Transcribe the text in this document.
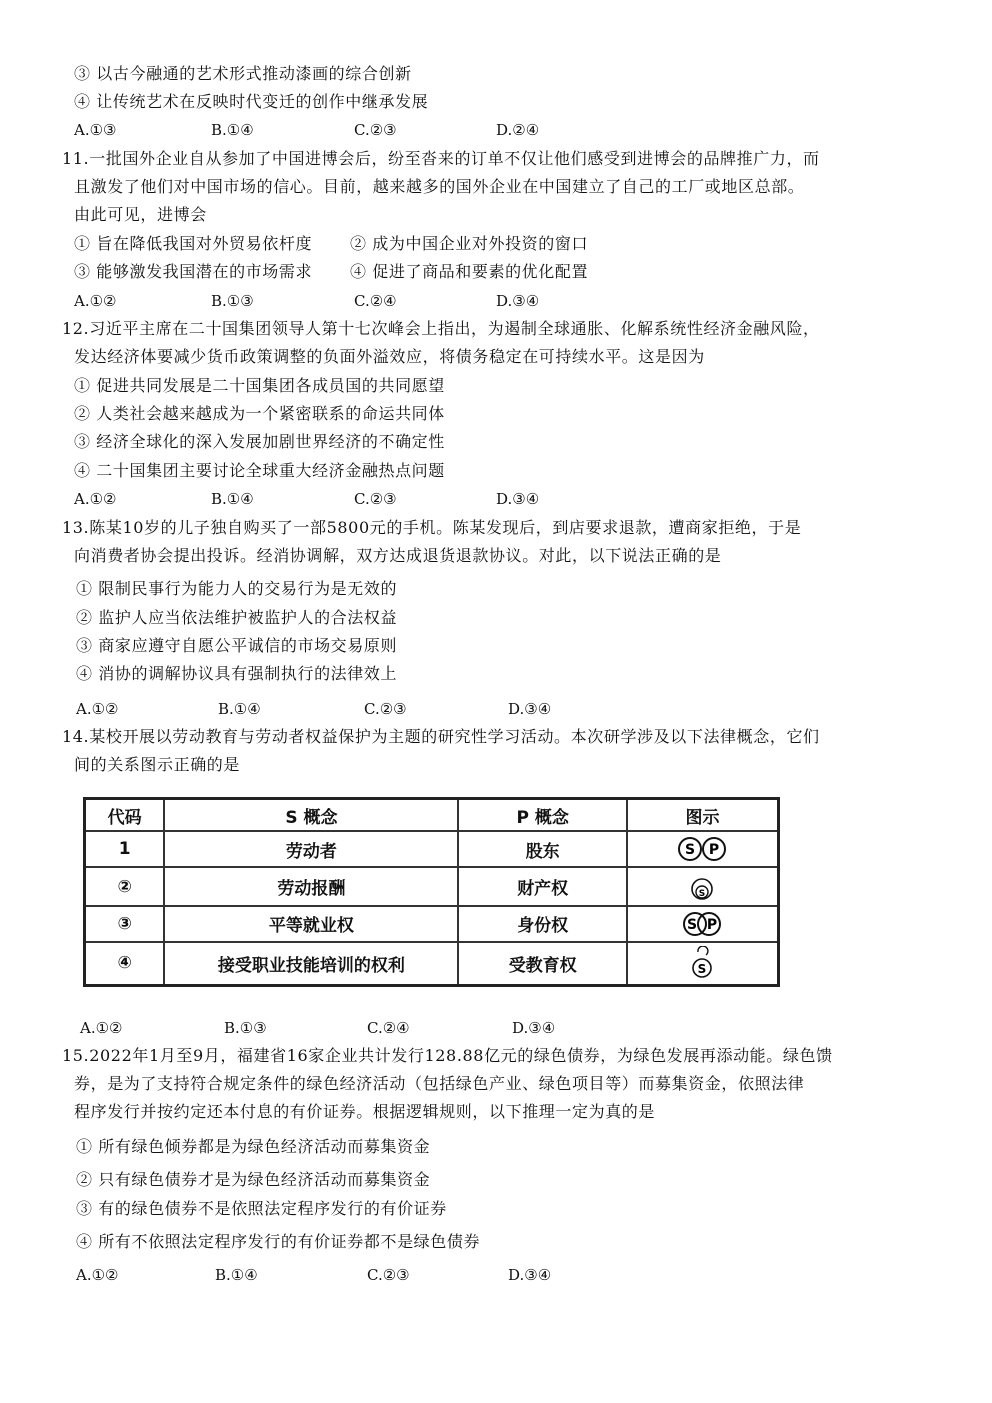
③ 以古今融通的艺术形式推动漆画的综合创新
④ 让传统艺术在反映时代变迁的创作中继承发展
A.①③	B.①④	C.②③	D.②④
11.一批国外企业自从参加了中国进博会后，纷至沓来的订单不仅让他们感受到进博会的品牌推广力，而
且激发了他们对中国市场的信心。目前，越来越多的国外企业在中国建立了自己的工厂或地区总部。
由此可见，进博会
① 旨在降低我国对外贸易依杆度 ② 成为中国企业对外投资的窗口
③ 能够激发我国潜在的市场需求 ④ 促进了商品和要素的优化配置
A.①②	B.①③	C.②④	D.③④
12.习近平主席在二十国集团领导人第十七次峰会上指出，为遏制全球通胀、化解系统性经济金融风险，
发达经济体要减少货币政策调整的负面外溢效应，将债务稳定在可持续水平。这是因为
① 促进共同发展是二十国集团各成员国的共同愿望
② 人类社会越来越成为一个紧密联系的命运共同体
③ 经济全球化的深入发展加剧世界经济的不确定性
④ 二十国集团主要讨论全球重大经济金融热点问题
A.①②	B.①④	C.②③	D.③④
13.陈某10岁的儿子独自购买了一部5800元的手机。陈某发现后，到店要求退款，遭商家拒绝，于是
向消费者协会提出投诉。经消协调解，双方达成退货退款协议。对此，以下说法正确的是
① 限制民事行为能力人的交易行为是无效的
② 监护人应当依法维护被监护人的合法权益
③ 商家应遵守自愿公平诚信的市场交易原则
④ 消协的调解协议具有强制执行的法律效上
A.①②	B.①④	C.②③	D.③④
14.某校开展以劳动教育与劳动者权益保护为主题的研究性学习活动。本次研学涉及以下法律概念，它们
间的关系图示正确的是
代码	S 概念	P 概念	图示
1	劳动者	股东	S P

②	劳动报酬	财产权	S

③	平等就业权	身份权	S P

④	接受职业技能培训的权利	受教育权	S
A.①②	B.①③	C.②④	D.③④
15.2022年1月至9月，福建省16家企业共计发行128.88亿元的绿色债券，为绿色发展再添动能。绿色馈
券，是为了支持符合规定条件的绿色经济活动（包括绿色产业、绿色项目等）而募集资金，依照法律
程序发行并按约定还本付息的有价证券。根据逻辑规则，以下推理一定为真的是
① 所有绿色倾券都是为绿色经济活动而募集资金
② 只有绿色债券才是为绿色经济活动而募集资金
③ 有的绿色债券不是依照法定程序发行的有价证券
④ 所有不依照法定程序发行的有价证券都不是绿色债券
A.①②	B.①④	C.②③	D.③④
